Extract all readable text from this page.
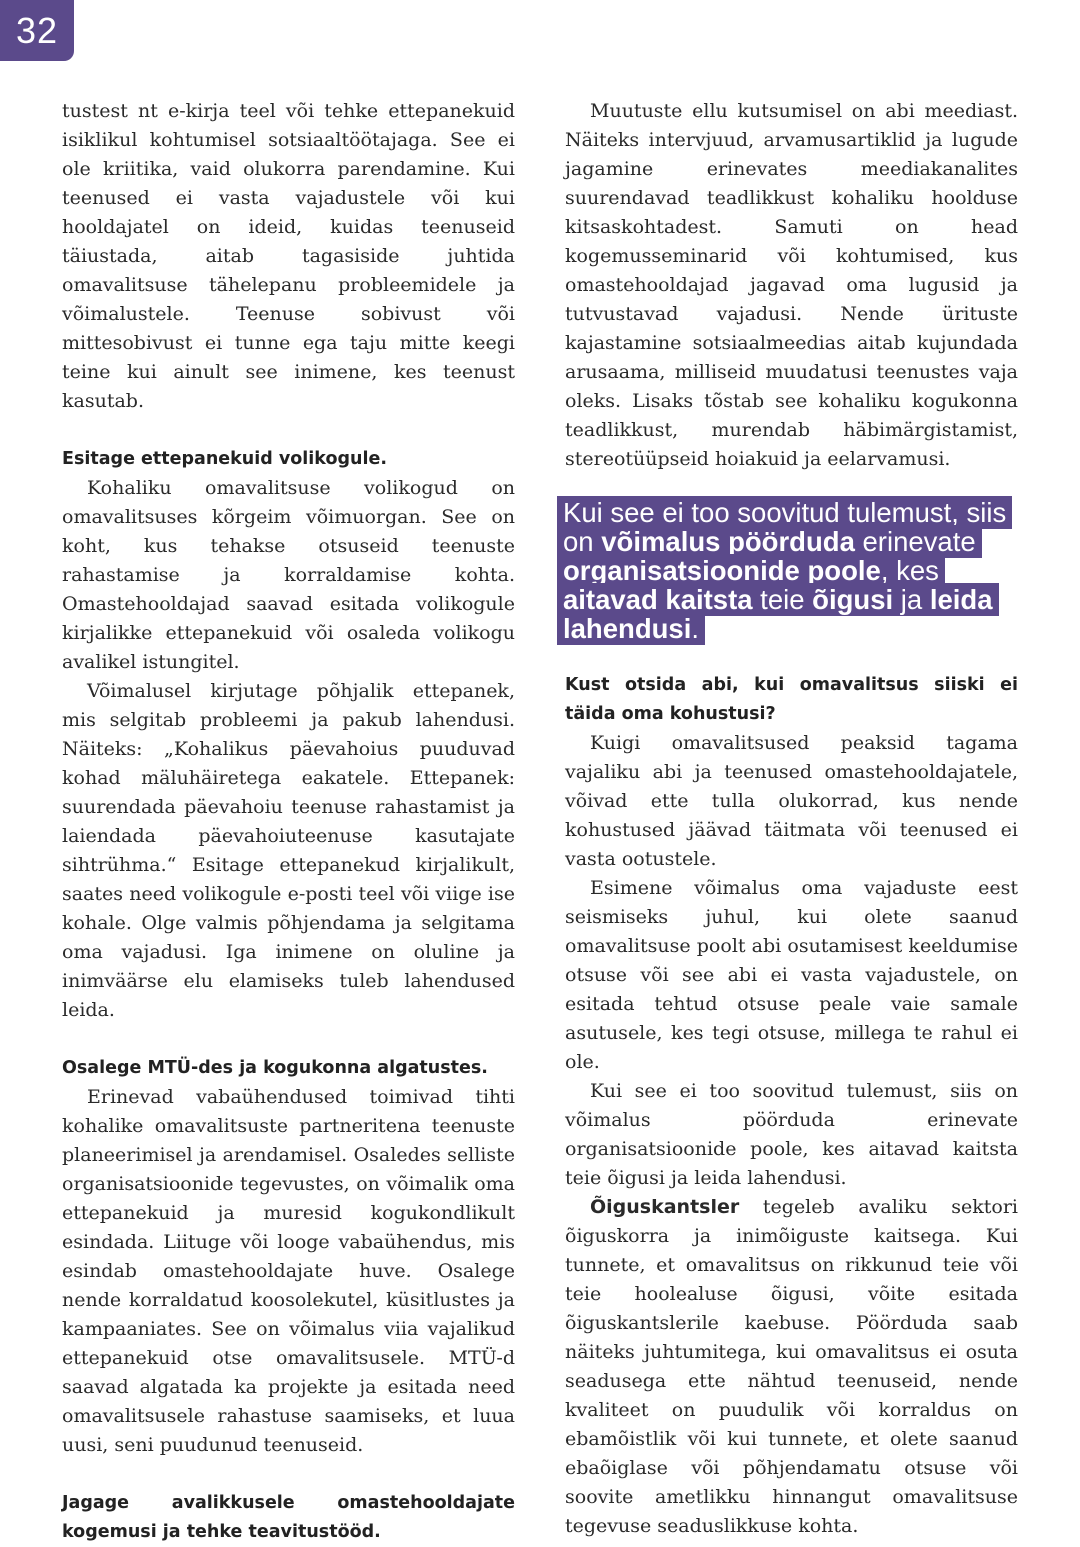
32

tustest nt e-kirja teel või tehke ettepanekuid isiklikul kohtumisel sotsiaaltöötajaga. See ei ole kriitika, vaid olukorra parendamine. Kui teenused ei vasta vajadustele või kui hooldajatel on ideid, kuidas teenuseid täiustada, aitab tagasiside juhtida omavalitsuse tähelepanu probleemidele ja võimalustele. Teenuse sobivust või mittesobivust ei tunne ega taju mitte keegi teine kui ainult see inimene, kes teenust kasutab.

Esitage ettepanekuid volikogule.

Kohaliku omavalitsuse volikogud on omavalitsuses kõrgeim võimuorgan. See on koht, kus tehakse otsuseid teenuste rahastamise ja korraldamise kohta. Omastehooldajad saavad esitada volikogule kirjalikke ettepanekuid või osaleda volikogu avalikel istungitel.

Võimalusel kirjutage põhjalik ettepanek, mis selgitab probleemi ja pakub lahendusi. Näiteks: „Kohalikus päevahoius puuduvad kohad mäluhäiretega eakatele. Ettepanek: suurendada päevahoiu teenuse rahastamist ja laiendada päevahoiuteenuse kasutajate sihtrühma.“ Esitage ettepanekud kirjalikult, saates need volikogule e-posti teel või viige ise kohale. Olge valmis põhjendama ja selgitama oma vajadusi. Iga inimene on oluline ja inimväärse elu elamiseks tuleb lahendused leida.

Osalege MTÜ-des ja kogukonna algatustes.

Erinevad vabaühendused toimivad tihti kohalike omavalitsuste partneritena teenuste planeerimisel ja arendamisel. Osaledes selliste organisatsioonide tegevustes, on võimalik oma ettepanekuid ja muresid kogukondlikult esindada. Liituge või looge vabaühendus, mis esindab omastehooldajate huve. Osalege nende korraldatud koosolekutel, küsitlustes ja kampaaniates. See on võimalus viia vajalikud ettepanekuid otse omavalitsusele. MTÜ-d saavad algatada ka projekte ja esitada need omavalitsusele rahastuse saamiseks, et luua uusi, seni puudunud teenuseid.

Jagage avalikkusele omastehooldajate kogemusi ja tehke teavitustööd.

Muutuste ellu kutsumisel on abi meediast. Näiteks intervjuud, arvamusartiklid ja lugude jagamine erinevates meediakanalites suurendavad teadlikkust kohaliku hoolduse kitsaskohtadest. Samuti on head kogemusseminarid või kohtumised, kus omastehooldajad jagavad oma lugusid ja tutvustavad vajadusi. Nende ürituste kajastamine sotsiaalmeedias aitab kujundada arusaama, milliseid muudatusi teenustes vaja oleks. Lisaks tõstab see kohaliku kogukonna teadlikkust, murendab häbimärgistamist, stereotüüpseid hoiakuid ja eelarvamusi.

Kui see ei too soovitud tulemust, siis on võimalus pöörduda erinevate organisatsioonide poole, kes aitavad kaitsta teie õigusi ja leida lahendusi.

Kust otsida abi, kui omavalitsus siiski ei täida oma kohustusi?

Kuigi omavalitsused peaksid tagama vajaliku abi ja teenused omastehooldajatele, võivad ette tulla olukorrad, kus nende kohustused jäävad täitmata või teenused ei vasta ootustele.

Esimene võimalus oma vajaduste eest seismiseks juhul, kui olete saanud omavalitsuse poolt abi osutamisest keeldumise otsuse või see abi ei vasta vajadustele, on esitada tehtud otsuse peale vaie samale asutusele, kes tegi otsuse, millega te rahul ei ole.

Kui see ei too soovitud tulemust, siis on võimalus pöörduda erinevate organisatsioonide poole, kes aitavad kaitsta teie õigusi ja leida lahendusi.

Õiguskantsler tegeleb avaliku sektori õiguskorra ja inimõiguste kaitsega. Kui tunnete, et omavalitsus on rikkunud teie või teie hoolealuse õigusi, võite esitada õiguskantslerile kaebuse. Pöörduda saab näiteks juhtumitega, kui omavalitsus ei osuta seadusega ette nähtud teenuseid, nende kvaliteet on puudulik või korraldus on ebamõistlik või kui tunnete, et olete saanud ebaõiglase või põhjendamatu otsuse või soovite ametlikku hinnangut omavalitsuse tegevuse seaduslikkuse kohta.
